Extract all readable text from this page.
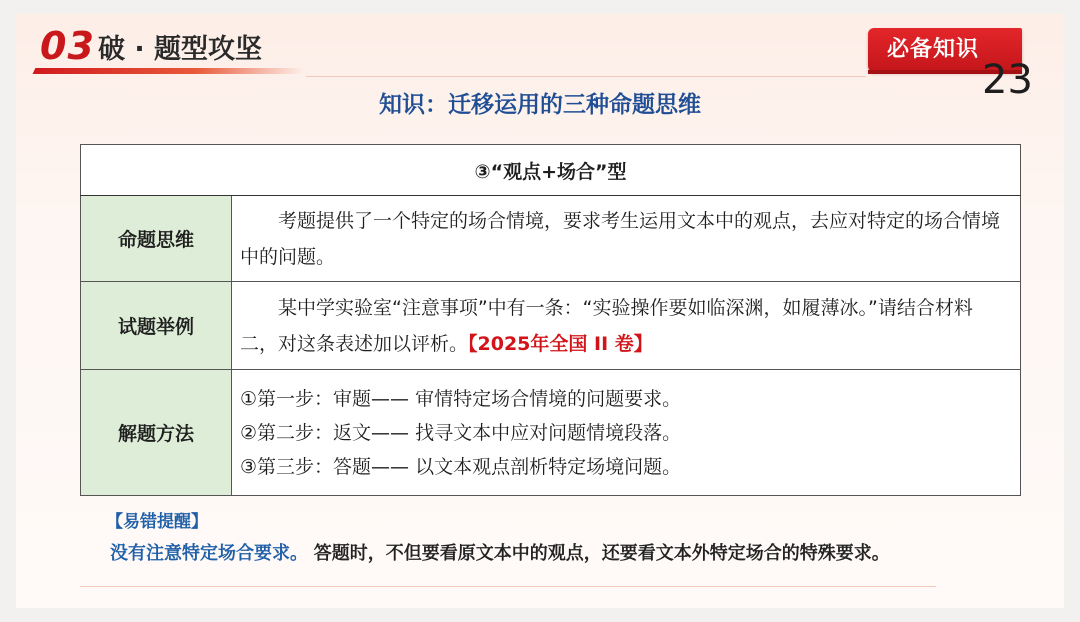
03 破 · 题型攻坚	必备知识
23
知识：迁移运用的三种命题思维
③“观点+场合”型	
命题思维	考题提供了一个特定的场合情境，要求考生运用文本中的观点，去应对特定的场合情境中的问题。
试题举例	某中学实验室“注意事项”中有一条：“实验操作要如临深渊，如履薄冰。”请结合材料二，对这条表述加以评析。【2025年全国 II 卷】
解题方法	①第一步：审题—— 审情特定场合情境的问题要求。
②第二步：返文—— 找寻文本中应对问题情境段落。
③第三步：答题—— 以文本观点剖析特定场境问题。
【易错提醒】
没有注意特定场合要求。 答题时，不但要看原文本中的观点，还要看文本外特定场合的特殊要求。
